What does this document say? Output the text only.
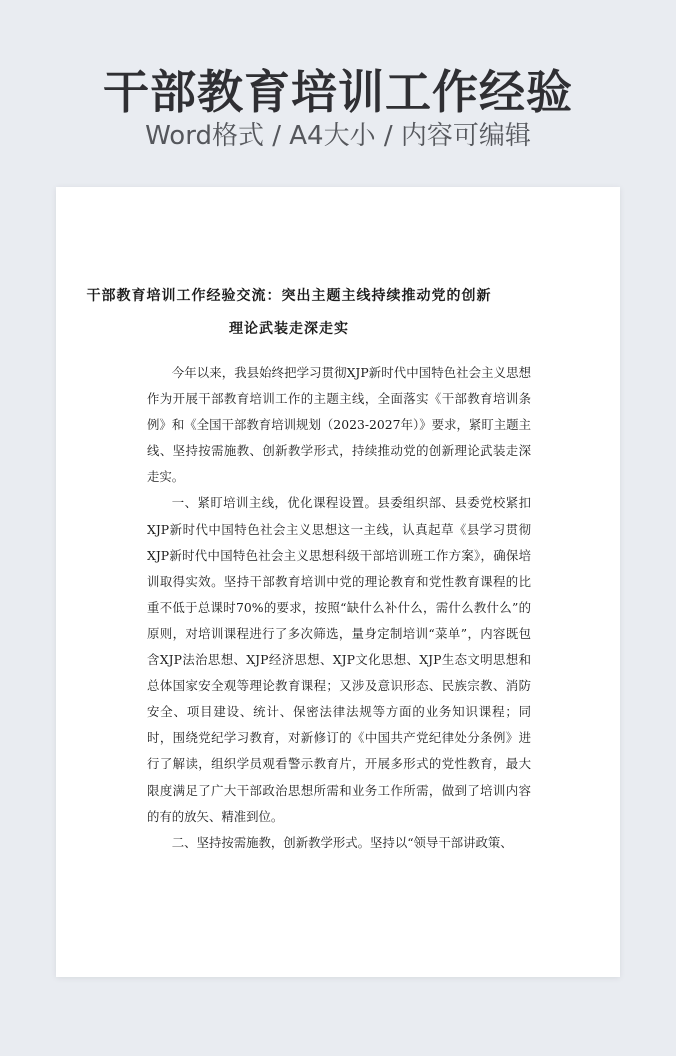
干部教育培训工作经验
Word格式 / A4大小 / 内容可编辑
干部教育培训工作经验交流：突出主题主线持续推动党的创新理论武装走深走实

今年以来，我县始终把学习贯彻XJP新时代中国特色社会主义思想作为开展干部教育培训工作的主题主线，全面落实《干部教育培训条例》和《全国干部教育培训规划（2023-2027年）》要求，紧盯主题主线、坚持按需施教、创新教学形式，持续推动党的创新理论武装走深走实。

一、紧盯培训主线，优化课程设置。县委组织部、县委党校紧扣XJP新时代中国特色社会主义思想这一主线，认真起草《县学习贯彻XJP新时代中国特色社会主义思想科级干部培训班工作方案》，确保培训取得实效。坚持干部教育培训中党的理论教育和党性教育课程的比重不低于总课时70%的要求，按照“缺什么补什么，需什么教什么”的原则，对培训课程进行了多次筛选，量身定制培训“菜单”，内容既包含XJP法治思想、XJP经济思想、XJP文化思想、XJP生态文明思想和总体国家安全观等理论教育课程；又涉及意识形态、民族宗教、消防安全、项目建设、统计、保密法律法规等方面的业务知识课程；同时，围绕党纪学习教育，对新修订的《中国共产党纪律处分条例》进行了解读，组织学员观看警示教育片，开展多形式的党性教育，最大限度满足了广大干部政治思想所需和业务工作所需，做到了培训内容的有的放矢、精准到位。

二、坚持按需施教，创新教学形式。坚持以“领导干部讲政策、
